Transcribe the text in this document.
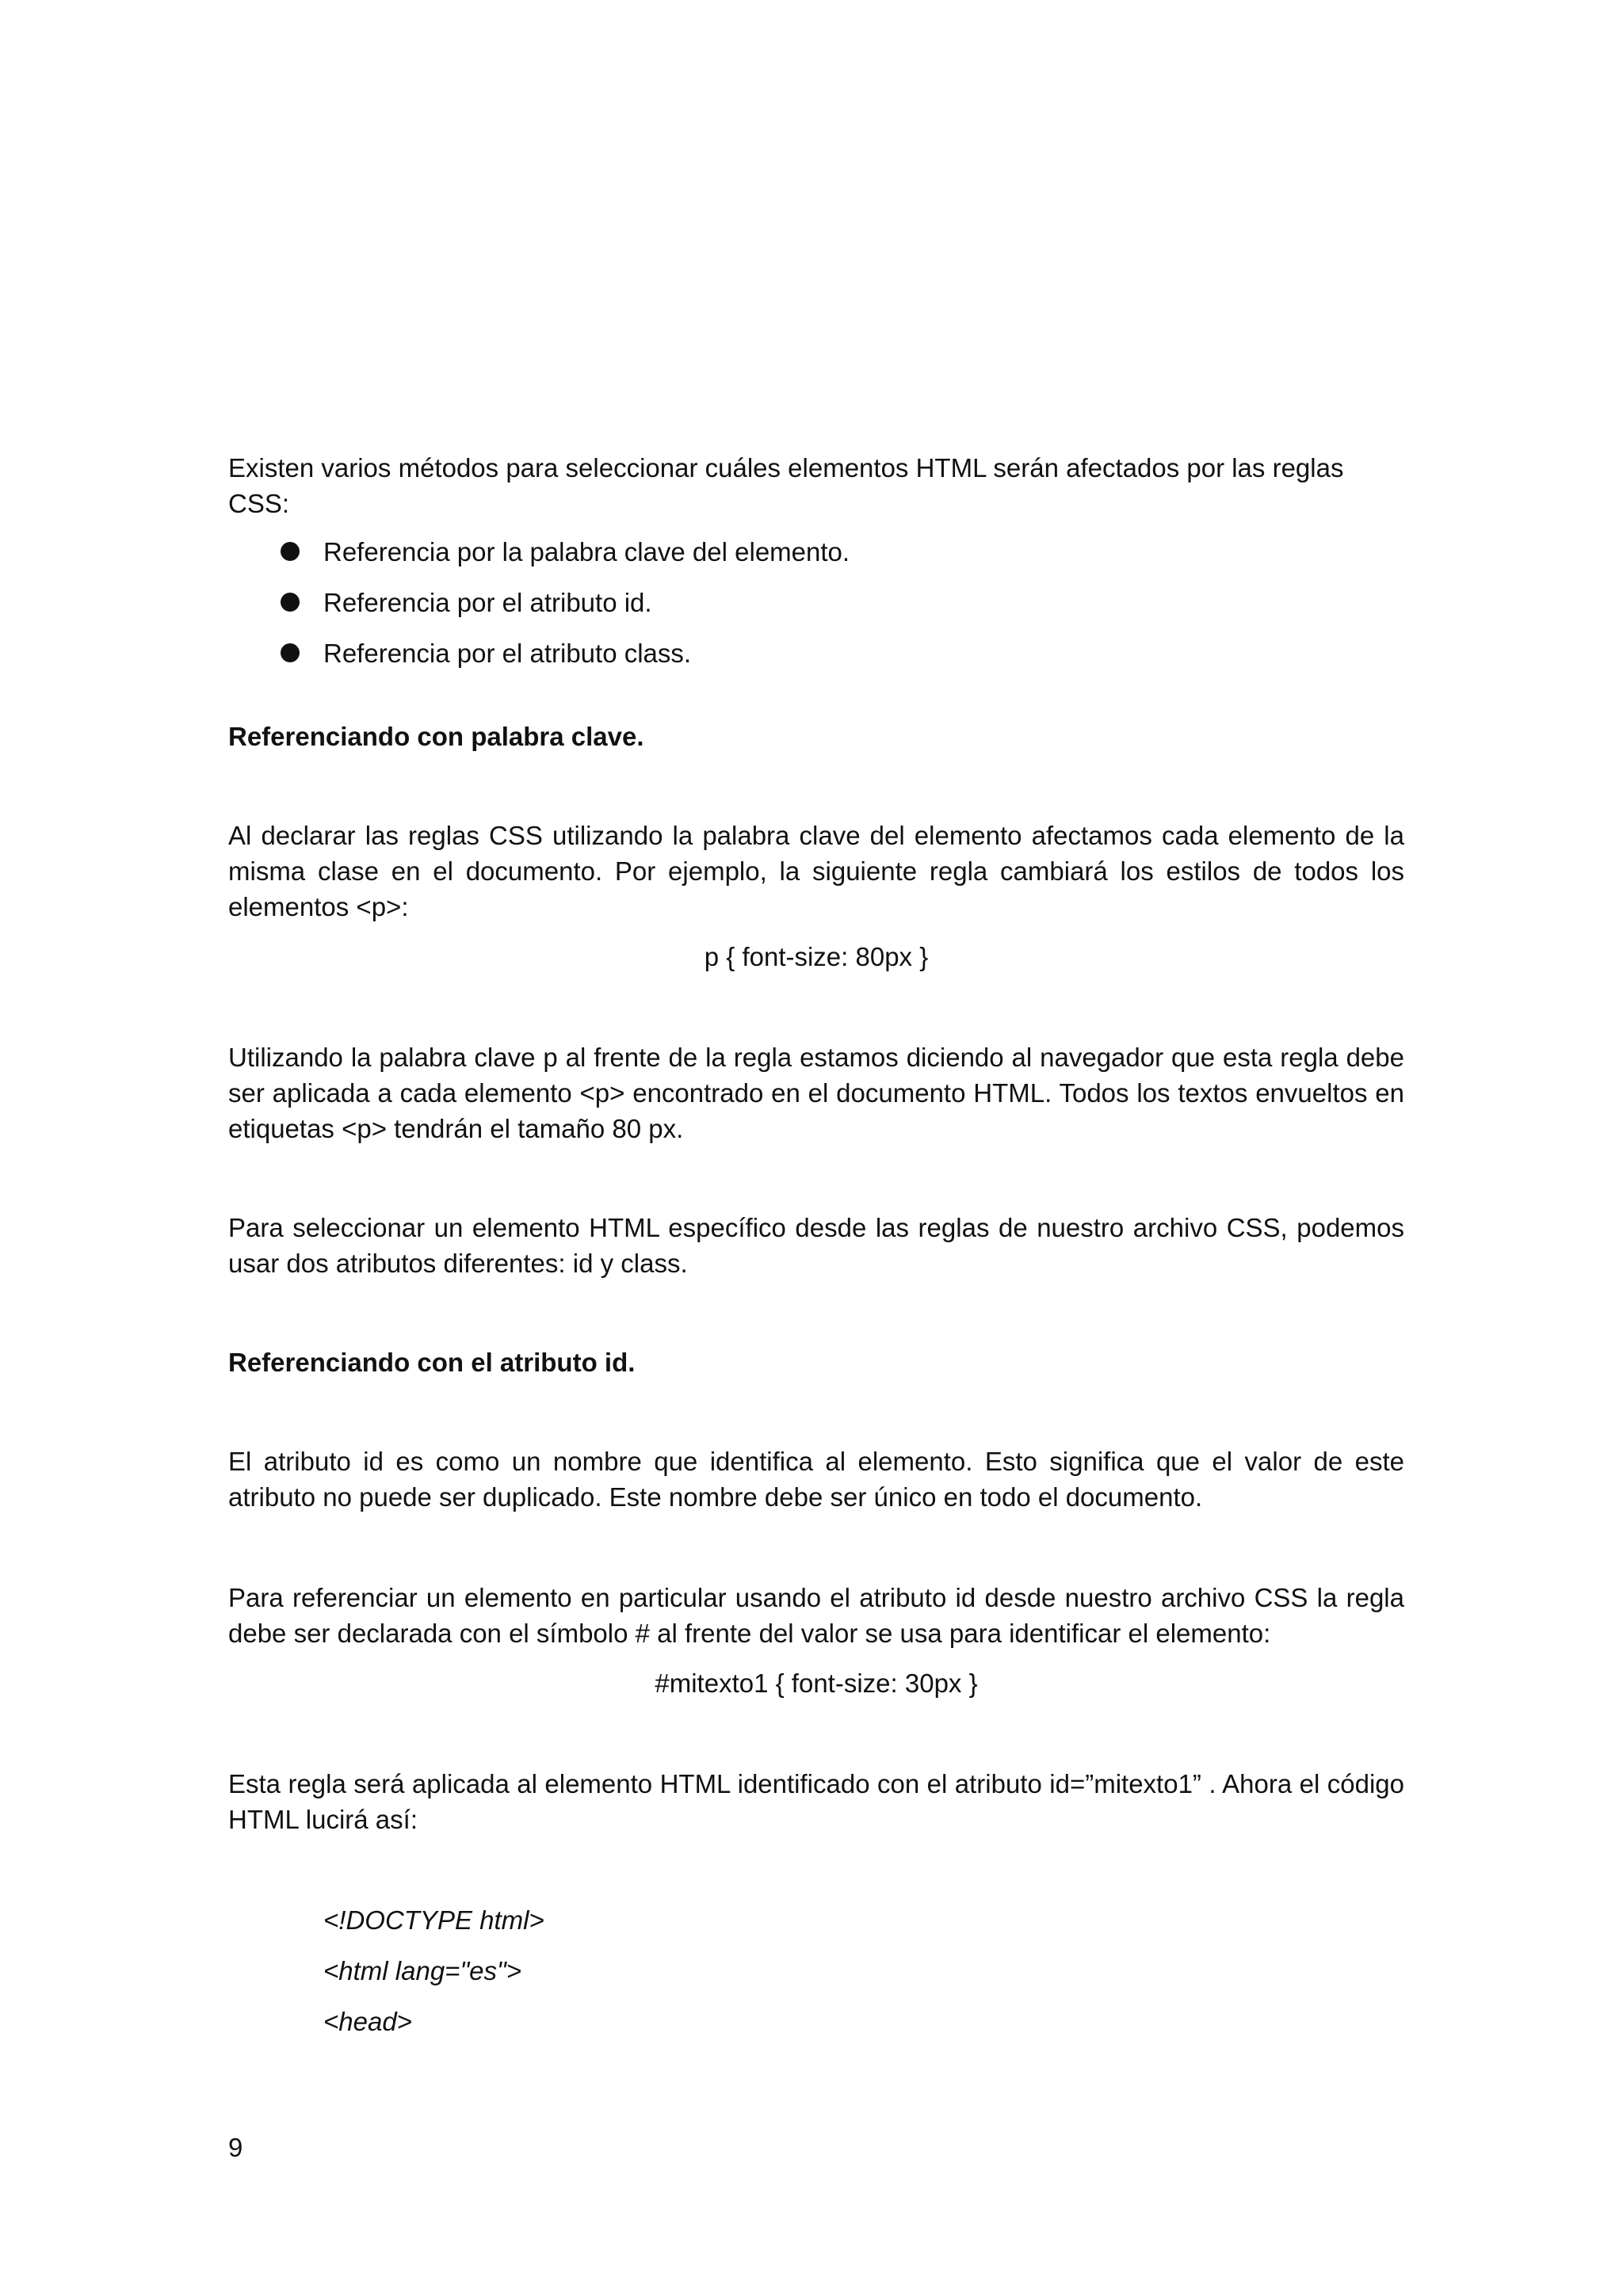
Existen varios métodos para seleccionar cuáles elementos HTML serán afectados por las reglas CSS:

Referencia por la palabra clave del elemento.
Referencia por el atributo id.
Referencia por el atributo class.

Referenciando con palabra clave.

Al declarar las reglas CSS utilizando la palabra clave del elemento afectamos cada elemento de la misma clase en el documento. Por ejemplo, la siguiente regla cambiará los estilos de todos los elementos <p>:

p { font-size: 80px }

Utilizando la palabra clave p al frente de la regla estamos diciendo al navegador que esta regla debe ser aplicada a cada elemento <p> encontrado en el documento HTML. Todos los textos envueltos en etiquetas <p> tendrán el tamaño 80 px.

Para seleccionar un elemento HTML específico desde las reglas de nuestro archivo CSS, podemos usar dos atributos diferentes: id y class.

Referenciando con el atributo id.

El atributo id es como un nombre que identifica al elemento. Esto significa que el valor de este atributo no puede ser duplicado. Este nombre debe ser único en todo el documento.

Para referenciar un elemento en particular usando el atributo id desde nuestro archivo CSS la regla debe ser declarada con el símbolo # al frente del valor se usa para identificar el elemento:

#mitexto1 { font-size: 30px }

Esta regla será aplicada al elemento HTML identificado con el atributo id=”mitexto1” . Ahora el código HTML lucirá así:

<!DOCTYPE html>

<html lang="es">

<head>

9
